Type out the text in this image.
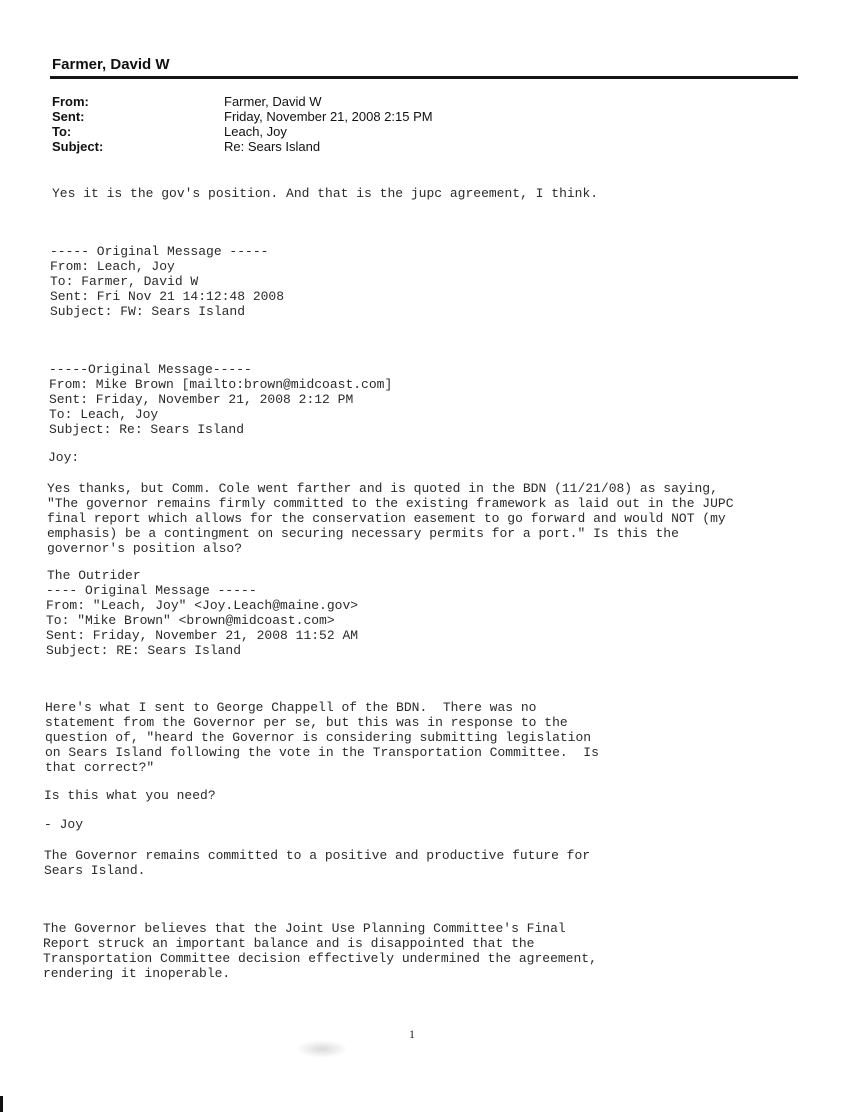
Farmer, David W
From:	Farmer, David W
Sent:	Friday, November 21, 2008 2:15 PM
To:	Leach, Joy
Subject:	Re: Sears Island
Yes it is the gov's position. And that is the jupc agreement, I think.
----- Original Message -----
From: Leach, Joy
To: Farmer, David W
Sent: Fri Nov 21 14:12:48 2008
Subject: FW: Sears Island
-----Original Message-----
From: Mike Brown [mailto:brown@midcoast.com]
Sent: Friday, November 21, 2008 2:12 PM
To: Leach, Joy
Subject: Re: Sears Island
Joy:
Yes thanks, but Comm. Cole went farther and is quoted in the BDN (11/21/08) as saying,
"The governor remains firmly committed to the existing framework as laid out in the JUPC
final report which allows for the conservation easement to go forward and would NOT (my
emphasis) be a contingment on securing necessary permits for a port." Is this the
governor's position also?
The Outrider
---- Original Message -----
From: "Leach, Joy" <Joy.Leach@maine.gov>
To: "Mike Brown" <brown@midcoast.com>
Sent: Friday, November 21, 2008 11:52 AM
Subject: RE: Sears Island
Here's what I sent to George Chappell of the BDN.  There was no
statement from the Governor per se, but this was in response to the
question of, "heard the Governor is considering submitting legislation
on Sears Island following the vote in the Transportation Committee.  Is
that correct?"
Is this what you need?
- Joy
The Governor remains committed to a positive and productive future for
Sears Island.
The Governor believes that the Joint Use Planning Committee's Final
Report struck an important balance and is disappointed that the
Transportation Committee decision effectively undermined the agreement,
rendering it inoperable.
1
